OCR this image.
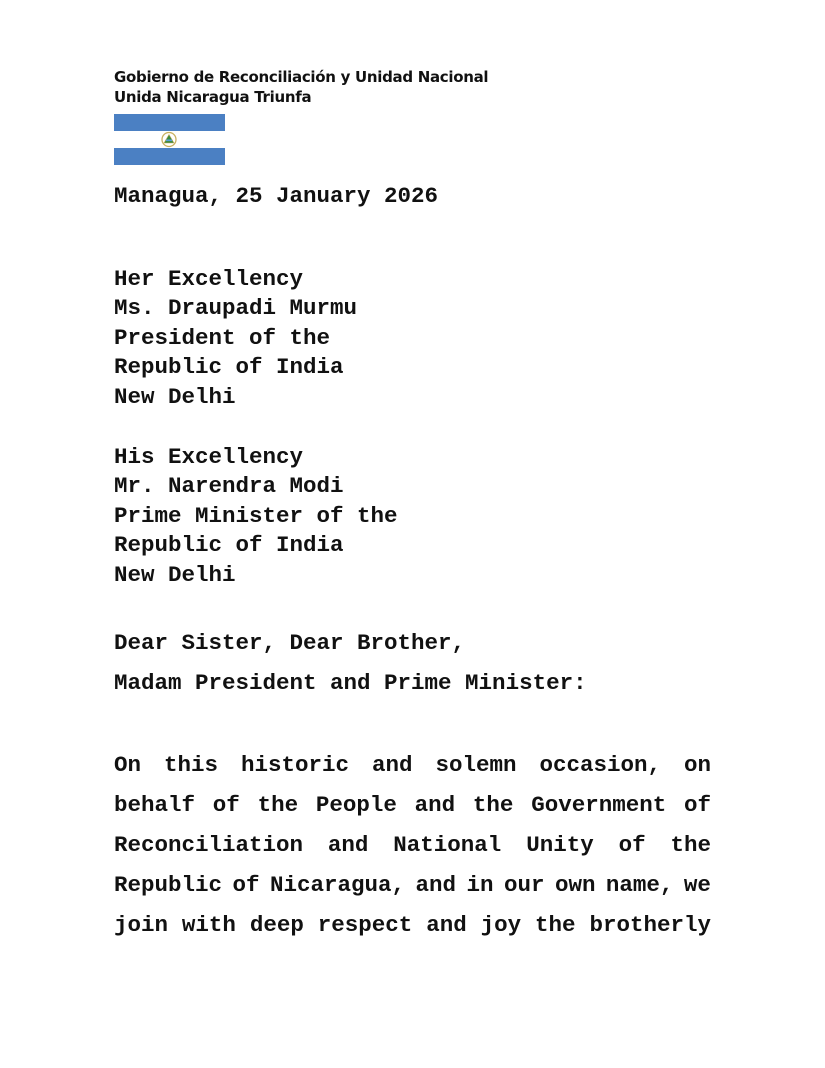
Gobierno de Reconciliación y Unidad Nacional
Unida Nicaragua Triunfa
Managua, 25 January 2026
Her Excellency
Ms. Draupadi Murmu
President of the
Republic of India
New Delhi
His Excellency
Mr. Narendra Modi
Prime Minister of the
Republic of India
New Delhi
Dear Sister, Dear Brother,
Madam President and Prime Minister:
On this historic and solemn occasion, on
behalf of the People and the Government of
Reconciliation and National Unity of the
Republic of Nicaragua, and in our own name, we
join with deep respect and joy the brotherly
